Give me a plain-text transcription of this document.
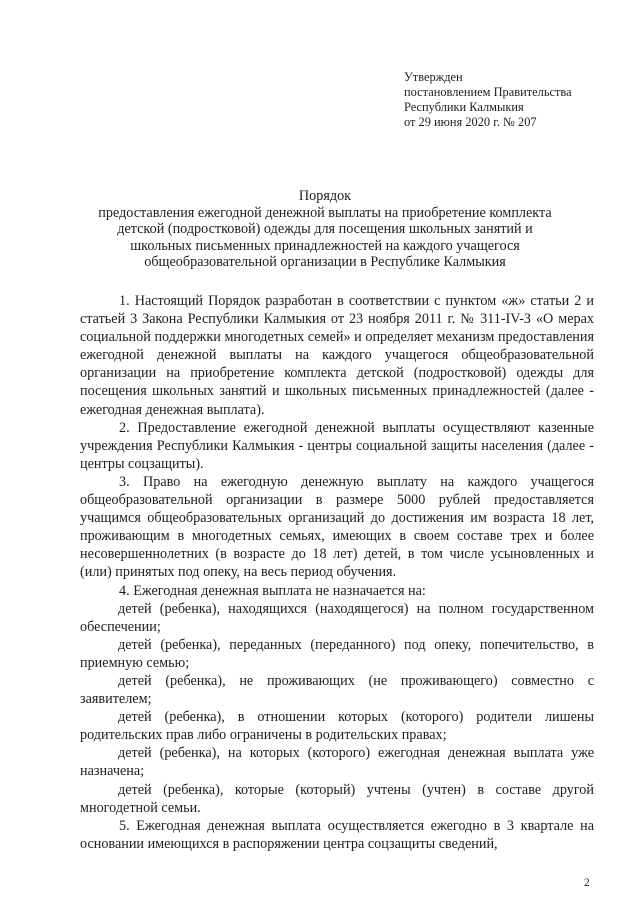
Утвержден
постановлением Правительства
Республики Калмыкия
от 29 июня 2020 г. № 207
Порядок
предоставления ежегодной денежной выплаты на приобретение комплекта
детской (подростковой) одежды для посещения школьных занятий и
школьных письменных принадлежностей на каждого учащегося
общеобразовательной организации в Республике Калмыкия

1. Настоящий Порядок разработан в соответствии с пунктом «ж» статьи 2 и статьей 3 Закона Республики Калмыкия от 23 ноября 2011 г. № 311-IV-З «О мерах социальной поддержки многодетных семей» и определяет механизм предоставления ежегодной денежной выплаты на каждого учащегося общеобразовательной организации на приобретение комплекта детской (подростковой) одежды для посещения школьных занятий и школьных письменных принадлежностей (далее - ежегодная денежная выплата).

2. Предоставление ежегодной денежной выплаты осуществляют казенные учреждения Республики Калмыкия - центры социальной защиты населения (далее - центры соцзащиты).

3. Право на ежегодную денежную выплату на каждого учащегося общеобразовательной организации в размере 5000 рублей предоставляется учащимся общеобразовательных организаций до достижения им возраста 18 лет, проживающим в многодетных семьях, имеющих в своем составе трех и более несовершеннолетних (в возрасте до 18 лет) детей, в том числе усыновленных и (или) принятых под опеку, на весь период обучения.

4. Ежегодная денежная выплата не назначается на:

детей (ребенка), находящихся (находящегося) на полном государственном обеспечении;

детей (ребенка), переданных (переданного) под опеку, попечительство, в приемную семью;

детей (ребенка), не проживающих (не проживающего) совместно с заявителем;

детей (ребенка), в отношении которых (которого) родители лишены родительских прав либо ограничены в родительских правах;

детей (ребенка), на которых (которого) ежегодная денежная выплата уже назначена;

детей (ребенка), которые (который) учтены (учтен) в составе другой многодетной семьи.

5. Ежегодная денежная выплата осуществляется ежегодно в 3 квартале на основании имеющихся в распоряжении центра соцзащиты сведений,

2
